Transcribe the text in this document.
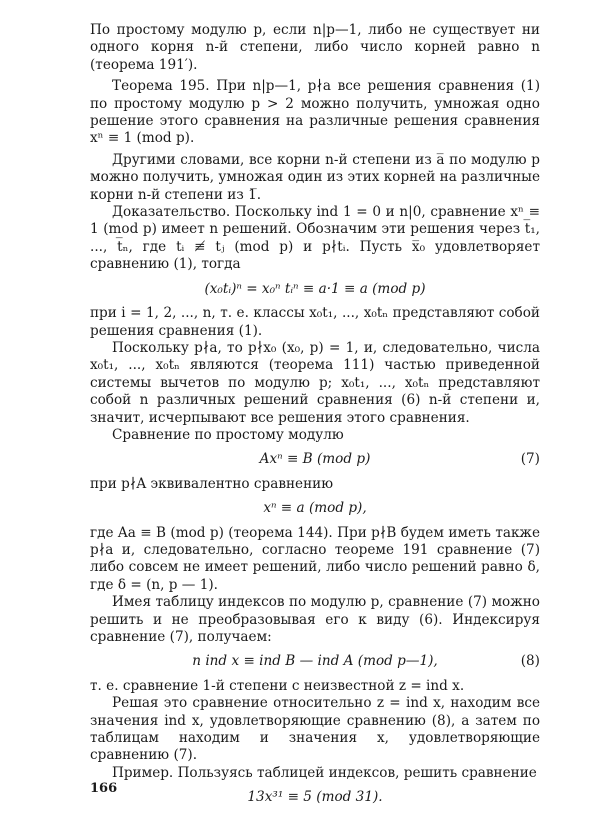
По простому модулю p, если n|p—1, либо не существует ни одного корня n-й степени, либо число корней равно n (теорема 191′).

Теорема 195. При n|p—1, p∤a все решения сравнения (1) по простому модулю p > 2 можно получить, умножая одно решение этого сравнения на различные решения сравнения xⁿ ≡ 1 (mod p).

Другими словами, все корни n-й степени из a̅ по модулю p можно получить, умножая один из этих корней на различные корни n-й степени из 1̅.

Доказательство. Поскольку ind 1 = 0 и n|0, сравнение xⁿ ≡ 1 (mod p) имеет n решений. Обозначим эти решения через t̅₁, ..., t̅ₙ, где tᵢ ≢ tⱼ (mod p) и p∤tᵢ. Пусть x̅₀ удовлетворяет сравнению (1), тогда

(x₀tᵢ)ⁿ = x₀ⁿ tᵢⁿ ≡ a·1 ≡ a (mod p)

при i = 1, 2, ..., n, т. е. классы x₀t₁, ..., x₀tₙ представляют собой решения сравнения (1).

Поскольку p∤a, то p∤x₀ (x₀, p) = 1, и, следовательно, числа x₀t₁, ..., x₀tₙ являются (теорема 111) частью приведенной системы вычетов по модулю p; x₀t₁, ..., x₀tₙ представляют собой n различных решений сравнения (6) n-й степени и, значит, исчерпывают все решения этого сравнения.

Сравнение по простому модулю

Axⁿ ≡ B (mod p)	(7)

при p∤A эквивалентно сравнению

xⁿ ≡ a (mod p),

где Aa ≡ B (mod p) (теорема 144). При p∤B будем иметь также p∤a и, следовательно, согласно теореме 191 сравнение (7) либо совсем не имеет решений, либо число решений равно δ, где δ = (n, p — 1).

Имея таблицу индексов по модулю p, сравнение (7) можно решить и не преобразовывая его к виду (6). Индексируя сравнение (7), получаем:

n ind x ≡ ind B — ind A (mod p—1),	(8)

т. е. сравнение 1-й степени с неизвестной z = ind x.

Решая это сравнение относительно z = ind x, находим все значения ind x, удовлетворяющие сравнению (8), а затем по таблицам находим и значения x, удовлетворяющие сравнению (7).

Пример. Пользуясь таблицей индексов, решить сравнение

13x³¹ ≡ 5 (mod 31).

166
